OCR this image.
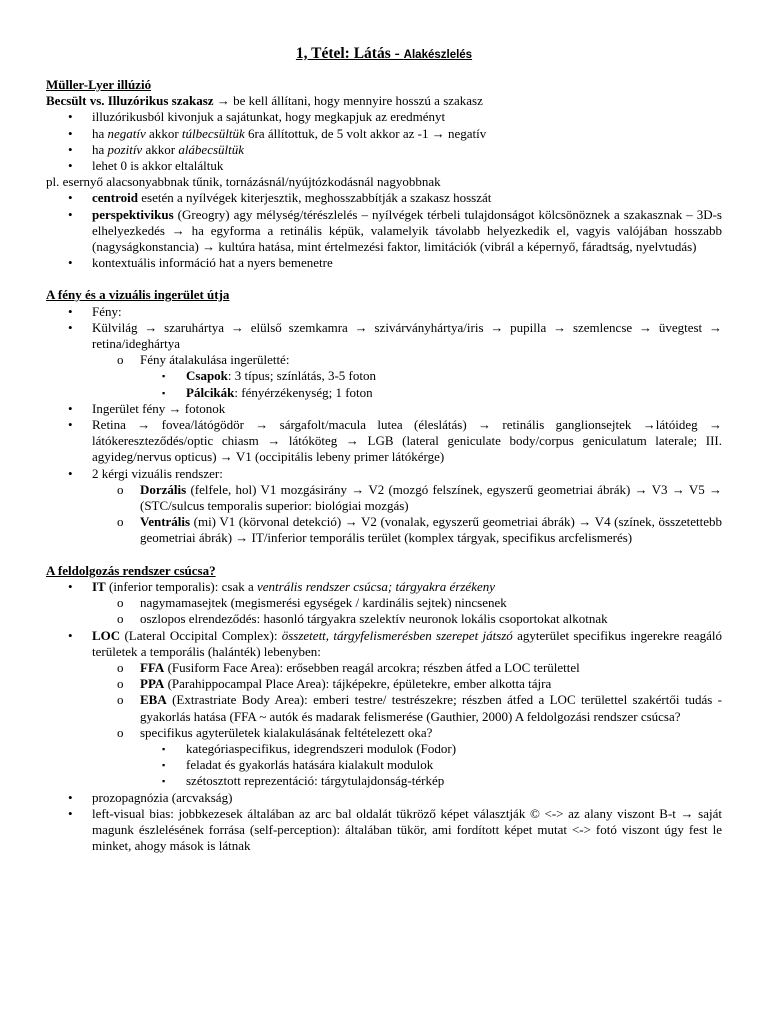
1, Tétel: Látás - Alakészlelés
Müller-Lyer illúzió
Becsült vs. Illuzórikus szakasz → be kell állítani, hogy mennyire hosszú a szakasz
• illuzórikusból kivonjuk a sajátunkat, hogy megkapjuk az eredményt
• ha negatív akkor túlbecsültük 6ra állítottuk, de 5 volt akkor az -1 → negatív
• ha pozitív akkor alábecsültük
• lehet 0 is akkor eltaláltuk
pl. esernyő alacsonyabbnak tűnik, tornázásnál/nyújtózkodásnál nagyobbnak
• centroid esetén a nyílvégek kiterjesztik, meghosszabbítják a szakasz hosszát
• perspektivikus (Greogry) agy mélység/térészlelés – nyílvégek térbeli tulajdonságot kölcsönöznek a szakasznak – 3D-s elhelyezkedés → ha egyforma a retinális képük, valamelyik távolabb helyezkedik el, vagyis valójában hosszabb (nagyságkonstancia) → kultúra hatása, mint értelmezési faktor, limitációk (vibrál a képernyő, fáradtság, nyelvtudás)
• kontextuális információ hat a nyers bemenetre
A fény és a vizuális ingerület útja
• Fény:
• Külvilág → szaruhártya → elülső szemkamra → szivárványhártya/iris → pupilla → szemlencse → üvegtest → retina/ideghártya
o Fény átalakulása ingerületté:
▪ Csapok: 3 típus; színlátás, 3-5 foton
▪ Pálcikák: fényérzékenység; 1 foton
• Ingerület fény → fotonok
• Retina → fovea/látógödör → sárgafolt/macula lutea (éleslátás) → retinális ganglionsejtek →látóideg → látókereszteződés/optic chiasm → látóköteg → LGB (lateral geniculate body/corpus geniculatum laterale; III. agyideg/nervus opticus) → V1 (occipitális lebeny primer látókérge)
• 2 kérgi vizuális rendszer:
o Dorzális (felfele, hol) V1 mozgásirány → V2 (mozgó felszínek, egyszerű geometriai ábrák) → V3 → V5 → (STC/sulcus temporalis superior: biológiai mozgás)
o Ventrális (mi) V1 (körvonal detekció) → V2 (vonalak, egyszerű geometriai ábrák) → V4 (színek, összetettebb geometriai ábrák) → IT/inferior temporális terület (komplex tárgyak, specifikus arcfelismerés)
A feldolgozás rendszer csúcsa?
• IT (inferior temporalis): csak a ventrális rendszer csúcsa; tárgyakra érzékeny
o nagymamasejtek (megismerési egységek / kardinális sejtek) nincsenek
o oszlopos elrendeződés: hasonló tárgyakra szelektív neuronok lokális csoportokat alkotnak
• LOC (Lateral Occipital Complex): összetett, tárgyfelismerésben szerepet játszó agyterület specifikus ingerekre reagáló területek a temporális (halánték) lebenyben:
o FFA (Fusiform Face Area): erősebben reagál arcokra; részben átfed a LOC területtel
o PPA (Parahippocampal Place Area): tájképekre, épületekre, ember alkotta tájra
o EBA (Extrastriate Body Area): emberi testre/ testrészekre; részben átfed a LOC területtel szakértői tudás - gyakorlás hatása (FFA ~ autók és madarak felismerése (Gauthier, 2000) A feldolgozási rendszer csúcsa?
o specifikus agyterületek kialakulásának feltételezett oka?
▪ kategóriaspecifikus, idegrendszeri modulok (Fodor)
▪ feladat és gyakorlás hatására kialakult modulok
▪ szétosztott reprezentáció: tárgytulajdonság-térkép
• prozopagnózia (arcvakság)
• left-visual bias: jobbkezesek általában az arc bal oldalát tükröző képet választják © <-> az alany viszont B-t → saját magunk észlelésének forrása (self-perception): általában tükör, ami fordított képet mutat <-> fotó viszont úgy fest le minket, ahogy mások is látnak
